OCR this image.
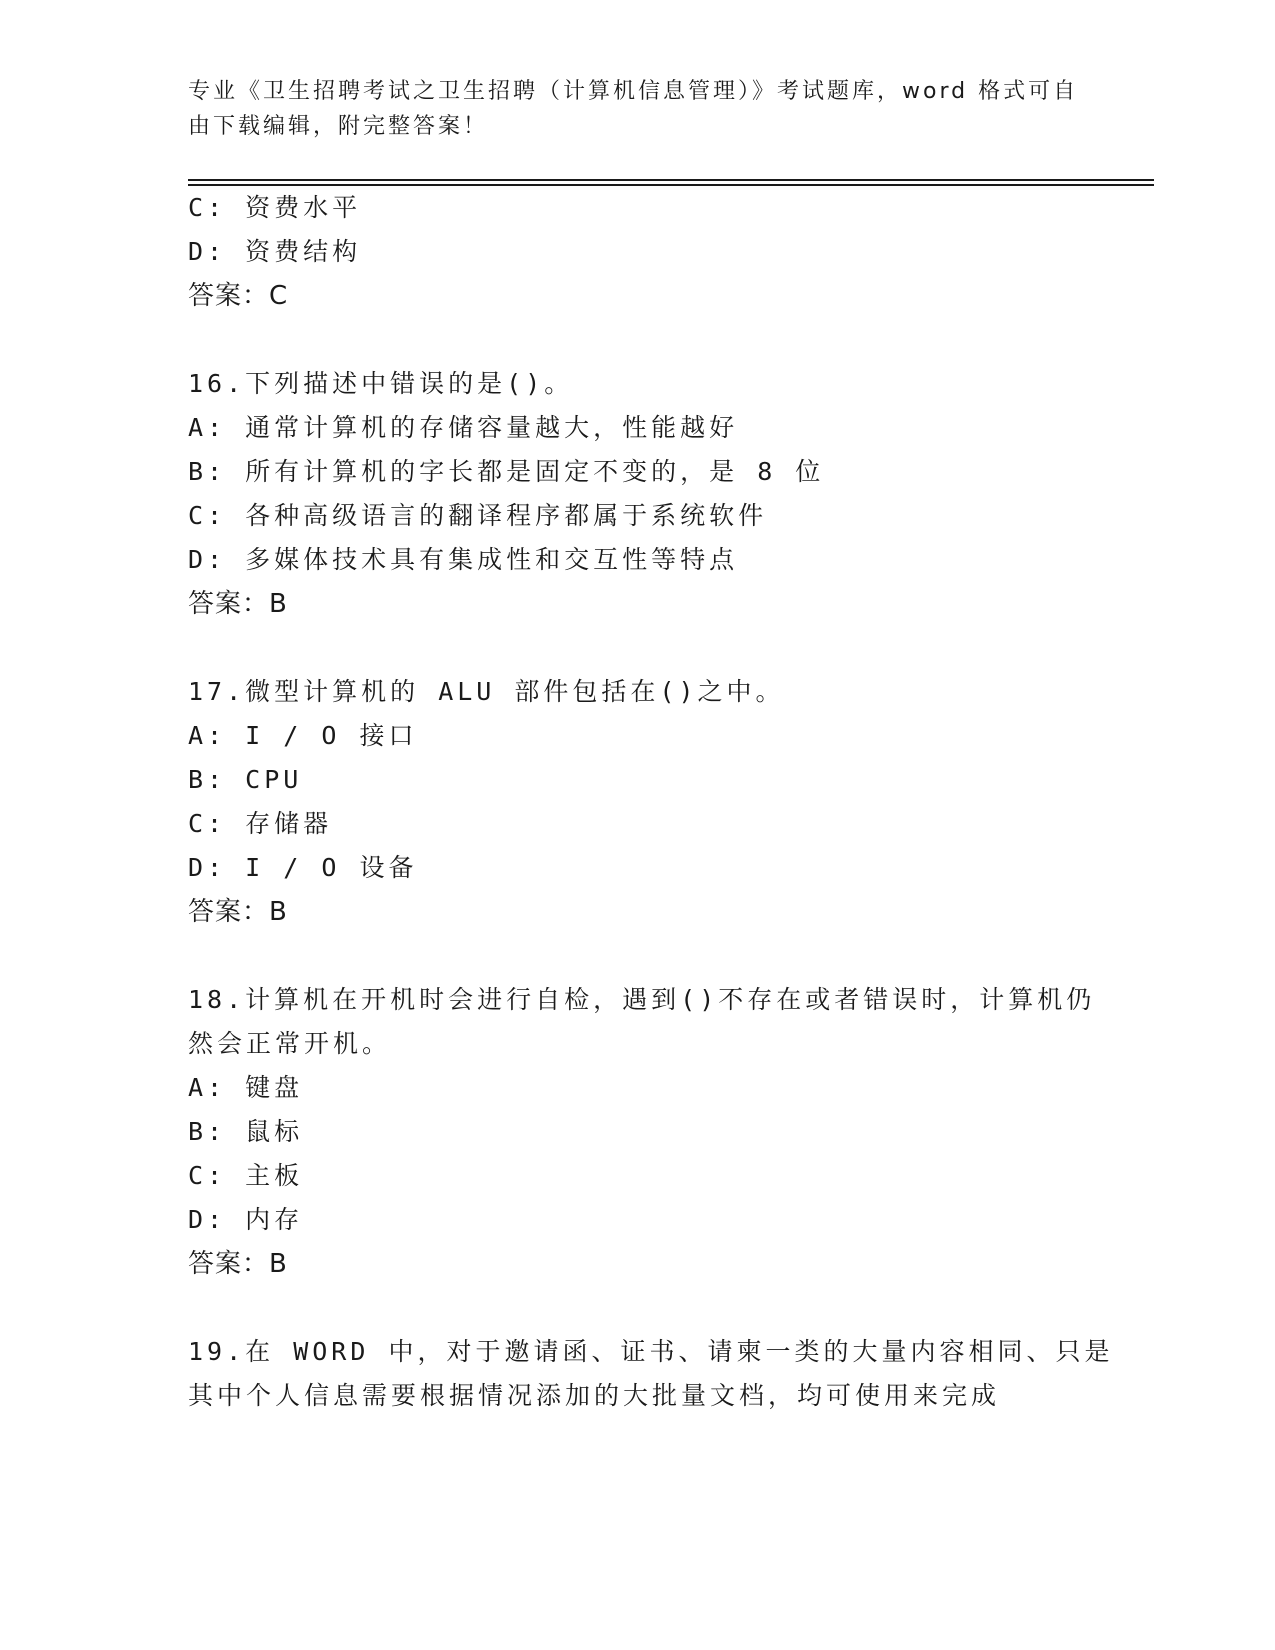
专业《卫生招聘考试之卫生招聘（计算机信息管理）》考试题库，word 格式可自
由下载编辑，附完整答案！
C: 资费水平
D: 资费结构
答案：C
16.下列描述中错误的是()。
A: 通常计算机的存储容量越大，性能越好
B: 所有计算机的字长都是固定不变的，是 8 位
C: 各种高级语言的翻译程序都属于系统软件
D: 多媒体技术具有集成性和交互性等特点
答案：B
17.微型计算机的 ALU 部件包括在()之中。
A: I / O 接口
B: CPU
C: 存储器
D: I / O 设备
答案：B
18.计算机在开机时会进行自检，遇到()不存在或者错误时，计算机仍
然会正常开机。
A: 键盘
B: 鼠标
C: 主板
D: 内存
答案：B
19.在 WORD 中，对于邀请函、证书、请柬一类的大量内容相同、只是
其中个人信息需要根据情况添加的大批量文档，均可使用来完成
